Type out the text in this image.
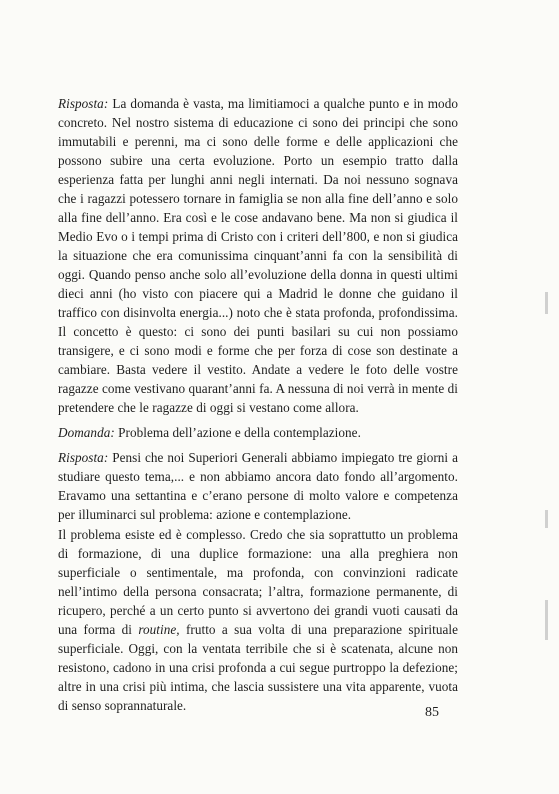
Risposta: La domanda è vasta, ma limitiamoci a qualche punto e in modo concreto. Nel nostro sistema di educazione ci sono dei principi che sono immutabili e perenni, ma ci sono delle forme e delle applicazioni che possono subire una certa evoluzione. Porto un esempio tratto dalla esperienza fatta per lunghi anni negli internati. Da noi nessuno sognava che i ragazzi potessero tornare in famiglia se non alla fine dell’anno e solo alla fine dell’anno. Era così e le cose andavano bene. Ma non si giudica il Medio Evo o i tempi prima di Cristo con i criteri dell’800, e non si giudica la situazione che era comunissima cinquant’anni fa con la sensibilità di oggi. Quando penso anche solo all’evoluzione della donna in questi ultimi dieci anni (ho visto con piacere qui a Madrid le donne che guidano il traffico con disinvolta energia...) noto che è stata profonda, profondissima. Il concetto è questo: ci sono dei punti basilari su cui non possiamo transigere, e ci sono modi e forme che per forza di cose son destinate a cambiare. Basta vedere il vestito. Andate a vedere le foto delle vostre ragazze come vestivano quarant’anni fa. A nessuna di noi verrà in mente di pretendere che le ragazze di oggi si vestano come allora.

Domanda: Problema dell’azione e della contemplazione.

Risposta: Pensi che noi Superiori Generali abbiamo impiegato tre giorni a studiare questo tema,... e non abbiamo ancora dato fondo all’argomento. Eravamo una settantina e c’erano persone di molto valore e competenza per illuminarci sul problema: azione e contemplazione.

Il problema esiste ed è complesso. Credo che sia soprattutto un problema di formazione, di una duplice formazione: una alla preghiera non superficiale o sentimentale, ma profonda, con convinzioni radicate nell’intimo della persona consacrata; l’altra, formazione permanente, di ricupero, perché a un certo punto si avvertono dei grandi vuoti causati da una forma di routine, frutto a sua volta di una preparazione spirituale superficiale. Oggi, con la ventata terribile che si è scatenata, alcune non resistono, cadono in una crisi profonda a cui segue purtroppo la defezione; altre in una crisi più intima, che lascia sussistere una vita apparente, vuota di senso soprannaturale.	85
